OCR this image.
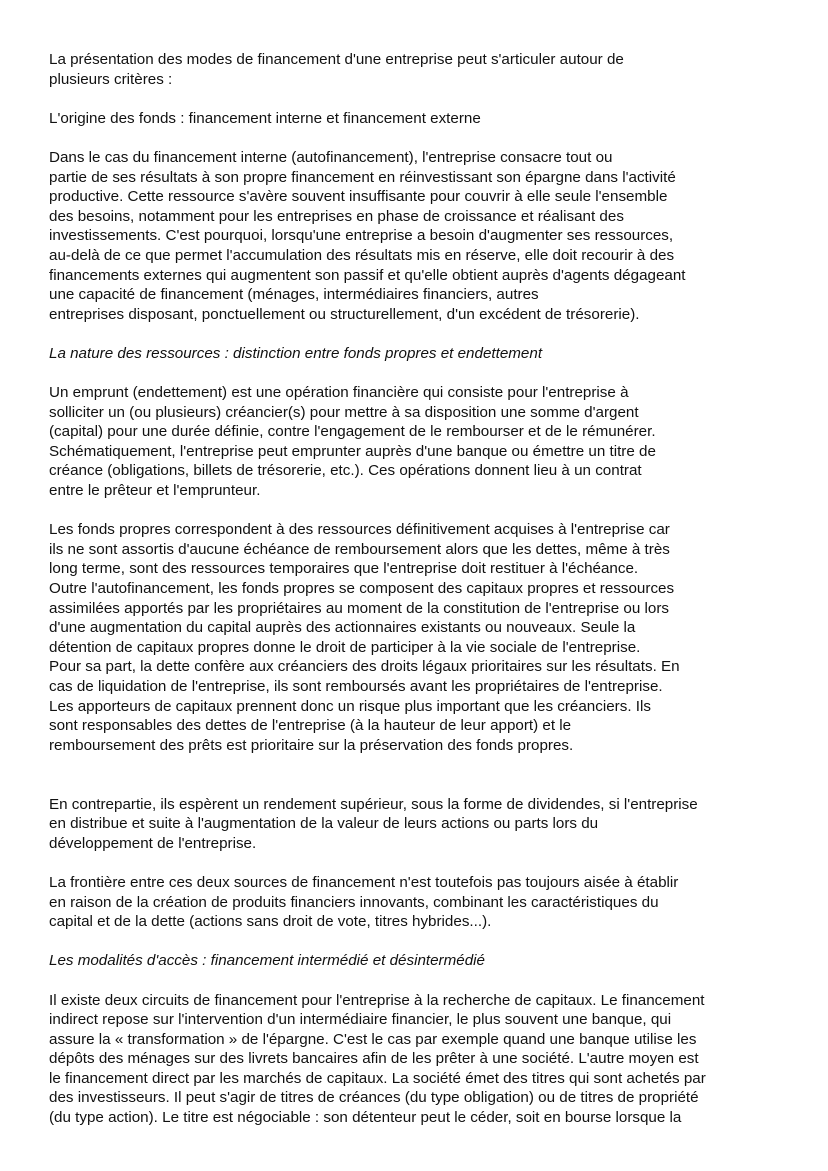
La présentation des modes de financement d'une entreprise peut s'articuler autour de
plusieurs critères :

L'origine des fonds : financement interne et financement externe

Dans le cas du financement interne (autofinancement), l'entreprise consacre tout ou
partie de ses résultats à son propre financement en réinvestissant son épargne dans l'activité
productive. Cette ressource s'avère souvent insuffisante pour couvrir à elle seule l'ensemble
des besoins, notamment pour les entreprises en phase de croissance et réalisant des
investissements. C'est pourquoi, lorsqu'une entreprise a besoin d'augmenter ses ressources,
au-delà de ce que permet l'accumulation des résultats mis en réserve, elle doit recourir à des
financements externes qui augmentent son passif et qu'elle obtient auprès d'agents dégageant
une capacité de financement (ménages, intermédiaires financiers, autres
entreprises disposant, ponctuellement ou structurellement, d'un excédent de trésorerie).

La nature des ressources : distinction entre fonds propres et endettement

Un emprunt (endettement) est une opération financière qui consiste pour l'entreprise à
solliciter un (ou plusieurs) créancier(s) pour mettre à sa disposition une somme d'argent
(capital) pour une durée définie, contre l'engagement de le rembourser et de le rémunérer.
Schématiquement, l'entreprise peut emprunter auprès d'une banque ou émettre un titre de
créance (obligations, billets de trésorerie, etc.). Ces opérations donnent lieu à un contrat
entre le prêteur et l'emprunteur.

Les fonds propres correspondent à des ressources définitivement acquises à l'entreprise car
ils ne sont assortis d'aucune échéance de remboursement alors que les dettes, même à très
long terme, sont des ressources temporaires que l'entreprise doit restituer à l'échéance.
Outre l'autofinancement, les fonds propres se composent des capitaux propres et ressources
assimilées apportés par les propriétaires au moment de la constitution de l'entreprise ou lors
d'une augmentation du capital auprès des actionnaires existants ou nouveaux. Seule la
détention de capitaux propres donne le droit de participer à la vie sociale de l'entreprise.
Pour sa part, la dette confère aux créanciers des droits légaux prioritaires sur les résultats. En
cas de liquidation de l'entreprise, ils sont remboursés avant les propriétaires de l'entreprise.
Les apporteurs de capitaux prennent donc un risque plus important que les créanciers. Ils
sont responsables des dettes de l'entreprise (à la hauteur de leur apport) et le
remboursement des prêts est prioritaire sur la préservation des fonds propres.

En contrepartie, ils espèrent un rendement supérieur, sous la forme de dividendes, si l'entreprise
en distribue et suite à l'augmentation de la valeur de leurs actions ou parts lors du
développement de l'entreprise.

La frontière entre ces deux sources de financement n'est toutefois pas toujours aisée à établir
en raison de la création de produits financiers innovants, combinant les caractéristiques du
capital et de la dette (actions sans droit de vote, titres hybrides...).

Les modalités d'accès : financement intermédié et désintermédié

Il existe deux circuits de financement pour l'entreprise à la recherche de capitaux. Le financement
indirect repose sur l'intervention d'un intermédiaire financier, le plus souvent une banque, qui
assure la « transformation » de l'épargne. C'est le cas par exemple quand une banque utilise les
dépôts des ménages sur des livrets bancaires afin de les prêter à une société. L'autre moyen est
le financement direct par les marchés de capitaux. La société émet des titres qui sont achetés par
des investisseurs. Il peut s'agir de titres de créances (du type obligation) ou de titres de propriété
(du type action). Le titre est négociable : son détenteur peut le céder, soit en bourse lorsque la
